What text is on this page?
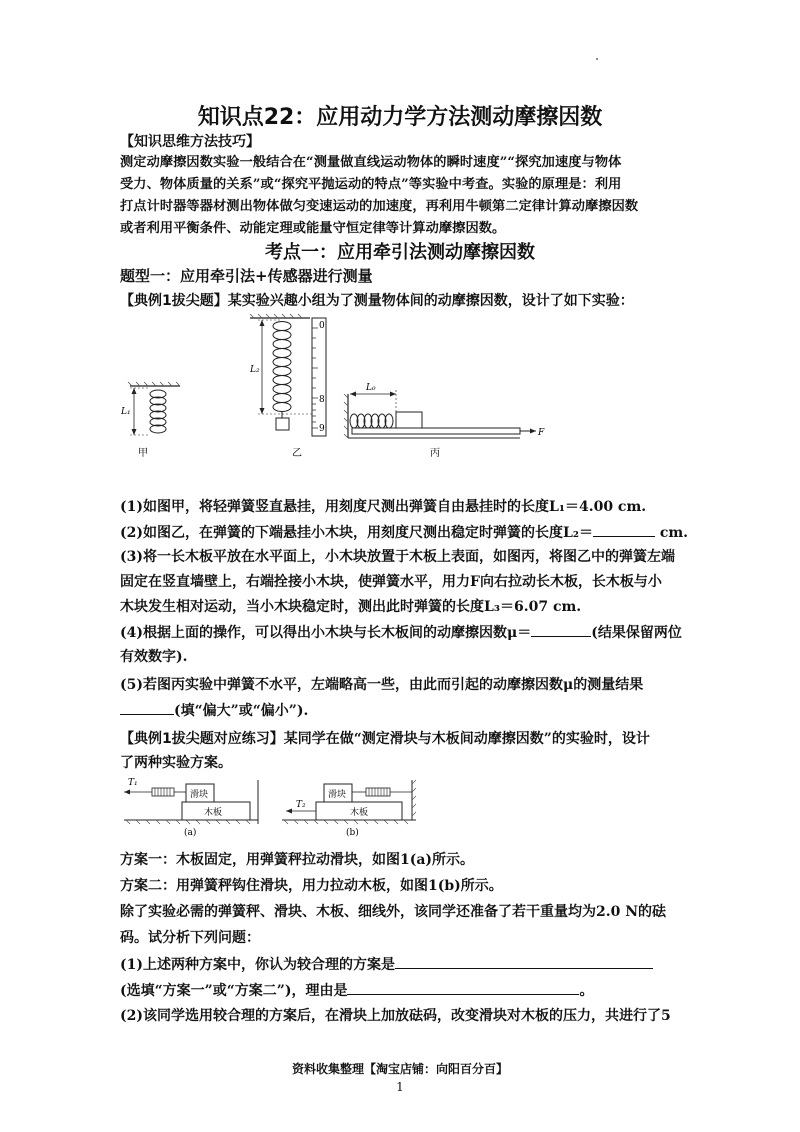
知识点22：应用动力学方法测动摩擦因数
【知识思维方法技巧】
测定动摩擦因数实验一般结合在“测量做直线运动物体的瞬时速度”“探究加速度与物体
受力、物体质量的关系”或“探究平抛运动的特点”等实验中考查。实验的原理是：利用
打点计时器等器材测出物体做匀变速运动的加速度，再利用牛顿第二定律计算动摩擦因数
或者利用平衡条件、动能定理或能量守恒定律等计算动摩擦因数。
考点一：应用牵引法测动摩擦因数
题型一：应用牵引法+传感器进行测量
【典例1拔尖题】某实验兴趣小组为了测量物体间的动摩擦因数，设计了如下实验：
L₁
甲
L₂
0
8
9
乙
F
L₀
丙
(1)如图甲，将轻弹簧竖直悬挂，用刻度尺测出弹簧自由悬挂时的长度L₁＝4.00 cm.
(2)如图乙，在弹簧的下端悬挂小木块，用刻度尺测出稳定时弹簧的长度L₂＝	cm.
(3)将一长木板平放在水平面上，小木块放置于木板上表面，如图丙，将图乙中的弹簧左端
固定在竖直墙壁上，右端拴接小木块，使弹簧水平，用力F向右拉动长木板，长木板与小
木块发生相对运动，当小木块稳定时，测出此时弹簧的长度L₃＝6.07 cm.
(4)根据上面的操作，可以得出小木块与长木板间的动摩擦因数μ＝	(结果保留两位
有效数字).
(5)若图丙实验中弹簧不水平，左端略高一些，由此而引起的动摩擦因数μ的测量结果
(填“偏大”或“偏小”).
【典例1拔尖题对应练习】某同学在做“测定滑块与木板间动摩擦因数”的实验时，设计
了两种实验方案。
木板
滑块
T₁
(a)
木板
滑块
T₂
(b)
方案一：木板固定，用弹簧秤拉动滑块，如图1(a)所示。
方案二：用弹簧秤钩住滑块，用力拉动木板，如图1(b)所示。
除了实验必需的弹簧秤、滑块、木板、细线外，该同学还准备了若干重量均为2.0 N的砝
码。试分析下列问题：
(1)上述两种方案中，你认为较合理的方案是
(选填“方案一”或“方案二”)，理由是	。
(2)该同学选用较合理的方案后，在滑块上加放砝码，改变滑块对木板的压力，共进行了5
资料收集整理【淘宝店铺：向阳百分百】
1
